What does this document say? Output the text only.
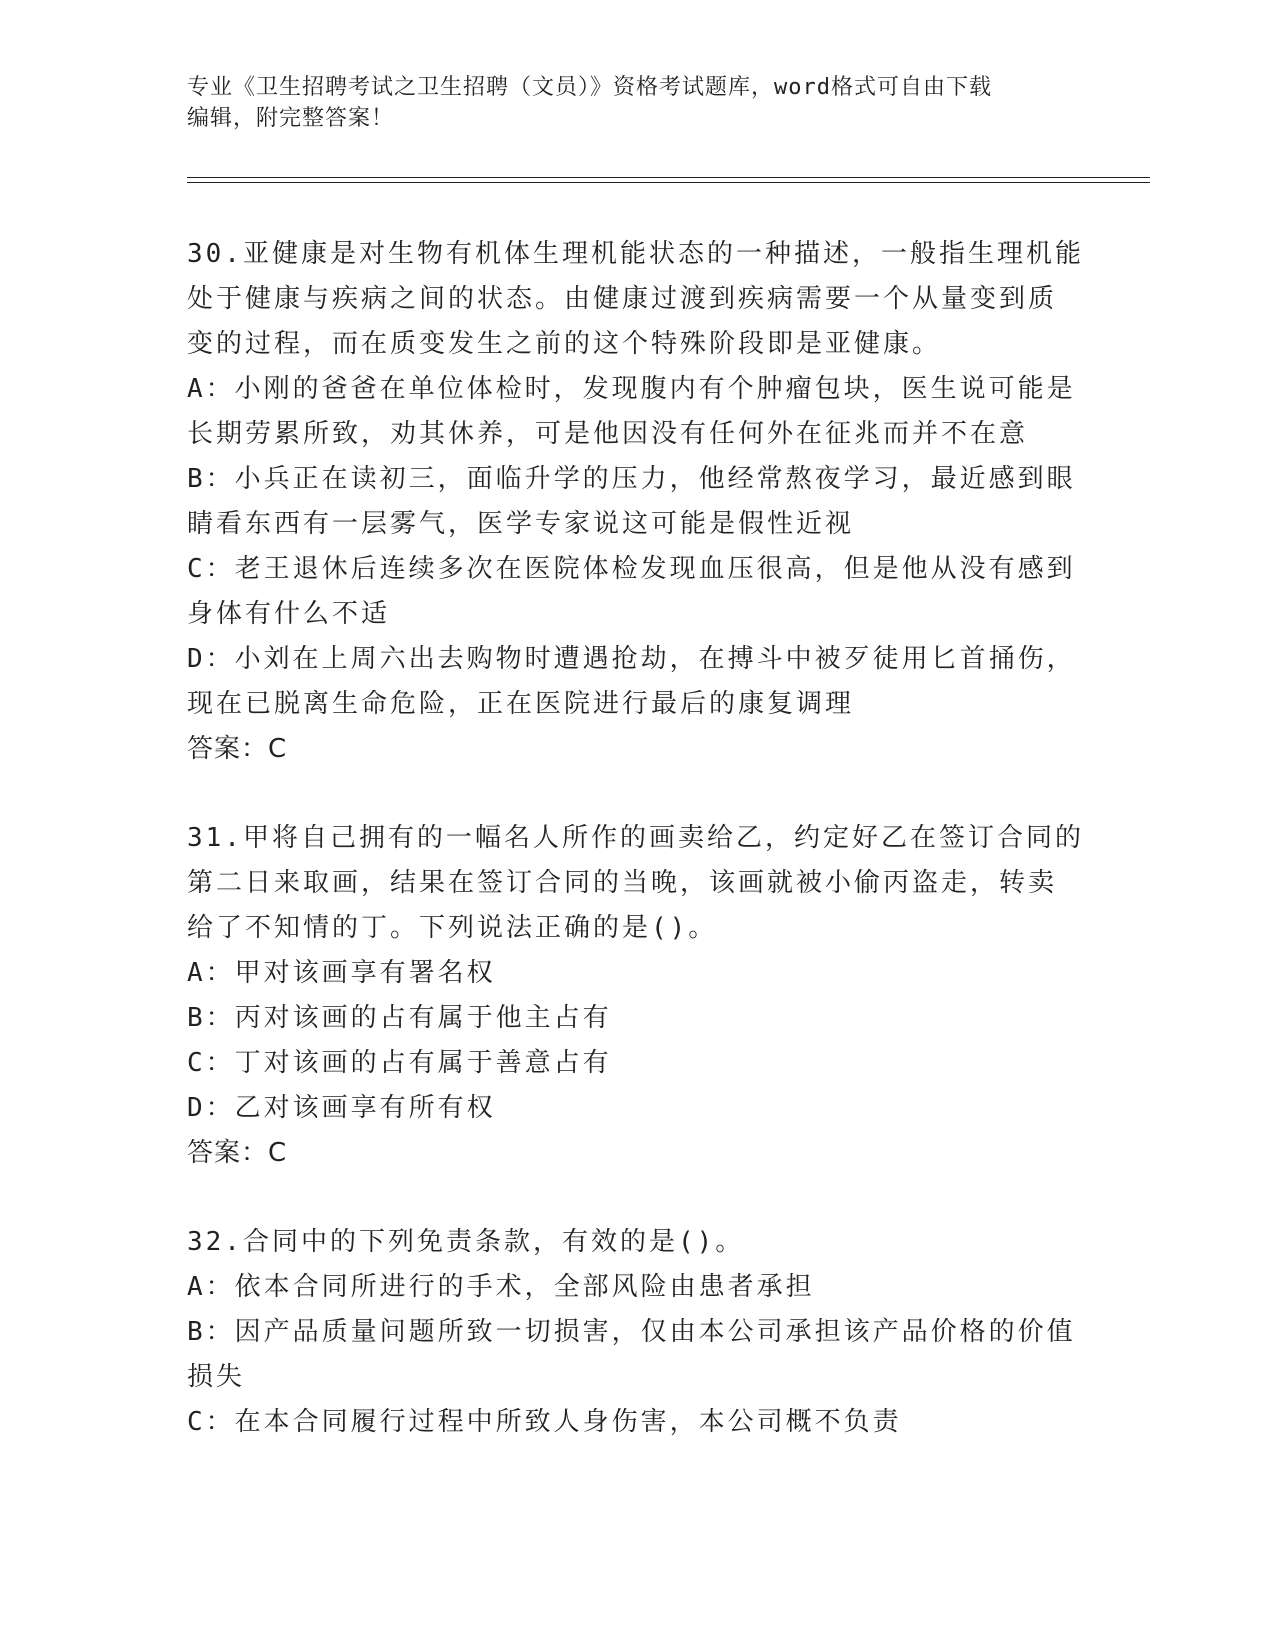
专业《卫生招聘考试之卫生招聘（文员）》资格考试题库，word格式可自由下载
编辑，附完整答案！
30.亚健康是对生物有机体生理机能状态的一种描述，一般指生理机能
处于健康与疾病之间的状态。由健康过渡到疾病需要一个从量变到质
变的过程，而在质变发生之前的这个特殊阶段即是亚健康。
A：小刚的爸爸在单位体检时，发现腹内有个肿瘤包块，医生说可能是
长期劳累所致，劝其休养，可是他因没有任何外在征兆而并不在意
B：小兵正在读初三，面临升学的压力，他经常熬夜学习，最近感到眼
睛看东西有一层雾气，医学专家说这可能是假性近视
C：老王退休后连续多次在医院体检发现血压很高，但是他从没有感到
身体有什么不适
D：小刘在上周六出去购物时遭遇抢劫，在搏斗中被歹徒用匕首捅伤，
现在已脱离生命危险，正在医院进行最后的康复调理
答案：C
31.甲将自己拥有的一幅名人所作的画卖给乙，约定好乙在签订合同的
第二日来取画，结果在签订合同的当晚，该画就被小偷丙盗走，转卖
给了不知情的丁。下列说法正确的是()。
A：甲对该画享有署名权
B：丙对该画的占有属于他主占有
C：丁对该画的占有属于善意占有
D：乙对该画享有所有权
答案：C
32.合同中的下列免责条款，有效的是()。
A：依本合同所进行的手术，全部风险由患者承担
B：因产品质量问题所致一切损害，仅由本公司承担该产品价格的价值
损失
C：在本合同履行过程中所致人身伤害，本公司概不负责
